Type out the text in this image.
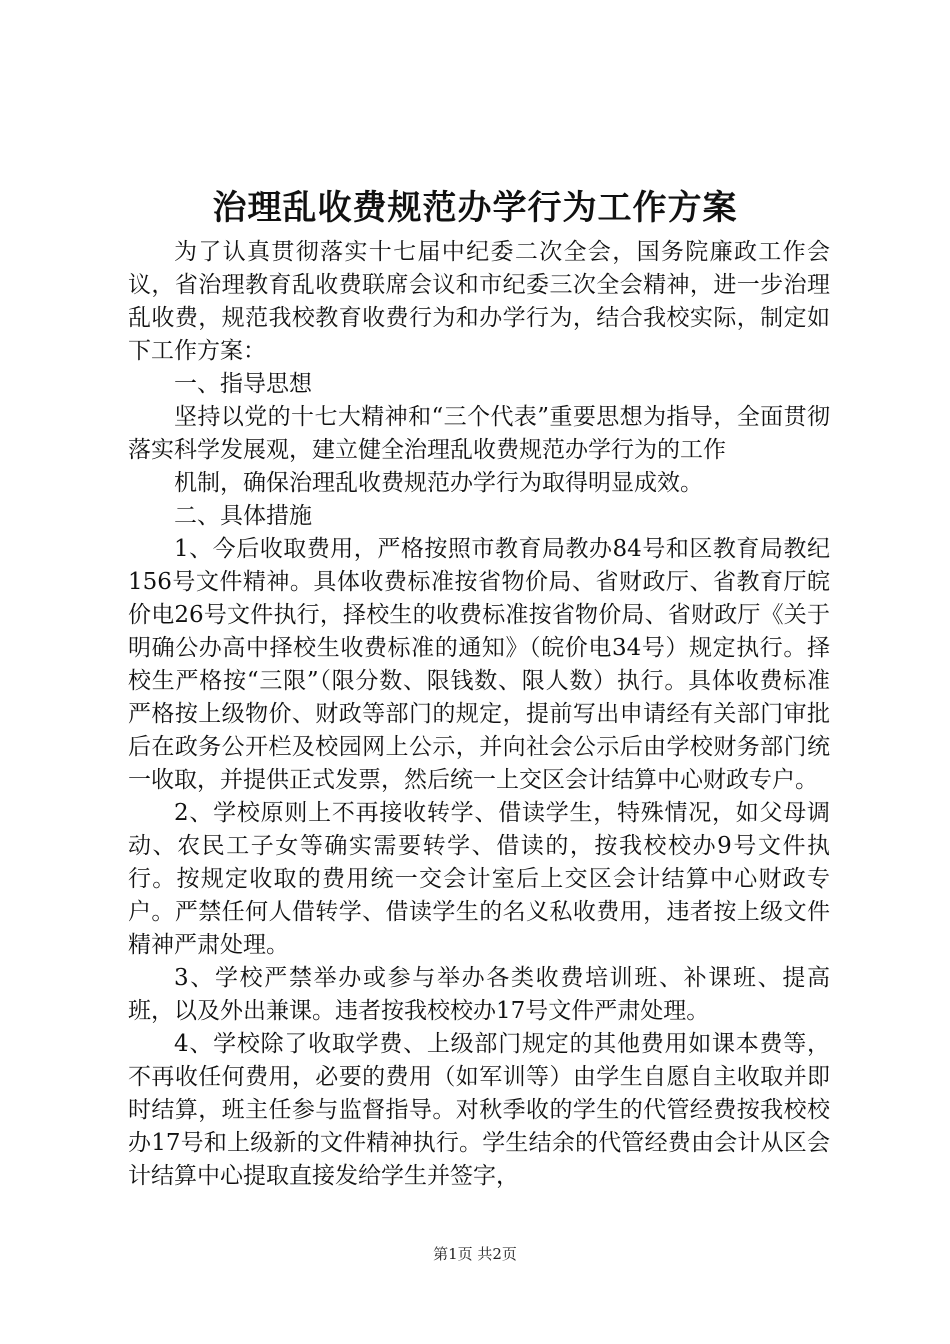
治理乱收费规范办学行为工作方案

为了认真贯彻落实十七届中纪委二次全会，国务院廉政工作会议，省治理教育乱收费联席会议和市纪委三次全会精神，进一步治理乱收费，规范我校教育收费行为和办学行为，结合我校实际，制定如下工作方案：

一、指导思想

坚持以党的十七大精神和“三个代表”重要思想为指导，全面贯彻落实科学发展观，建立健全治理乱收费规范办学行为的工作

机制，确保治理乱收费规范办学行为取得明显成效。

二、具体措施

1、今后收取费用，严格按照市教育局教办84号和区教育局教纪156号文件精神。具体收费标准按省物价局、省财政厅、省教育厅皖价电26号文件执行，择校生的收费标准按省物价局、省财政厅《关于明确公办高中择校生收费标准的通知》（皖价电34号）规定执行。择校生严格按“三限”（限分数、限钱数、限人数）执行。具体收费标准严格按上级物价、财政等部门的规定，提前写出申请经有关部门审批后在政务公开栏及校园网上公示，并向社会公示后由学校财务部门统一收取，并提供正式发票，然后统一上交区会计结算中心财政专户。

2、学校原则上不再接收转学、借读学生，特殊情况，如父母调动、农民工子女等确实需要转学、借读的，按我校校办9号文件执行。按规定收取的费用统一交会计室后上交区会计结算中心财政专户。严禁任何人借转学、借读学生的名义私收费用，违者按上级文件精神严肃处理。

3、学校严禁举办或参与举办各类收费培训班、补课班、提高班，以及外出兼课。违者按我校校办17号文件严肃处理。

4、学校除了收取学费、上级部门规定的其他费用如课本费等，不再收任何费用，必要的费用（如军训等）由学生自愿自主收取并即时结算，班主任参与监督指导。对秋季收的学生的代管经费按我校校办17号和上级新的文件精神执行。学生结余的代管经费由会计从区会计结算中心提取直接发给学生并签字，

第1页 共2页
